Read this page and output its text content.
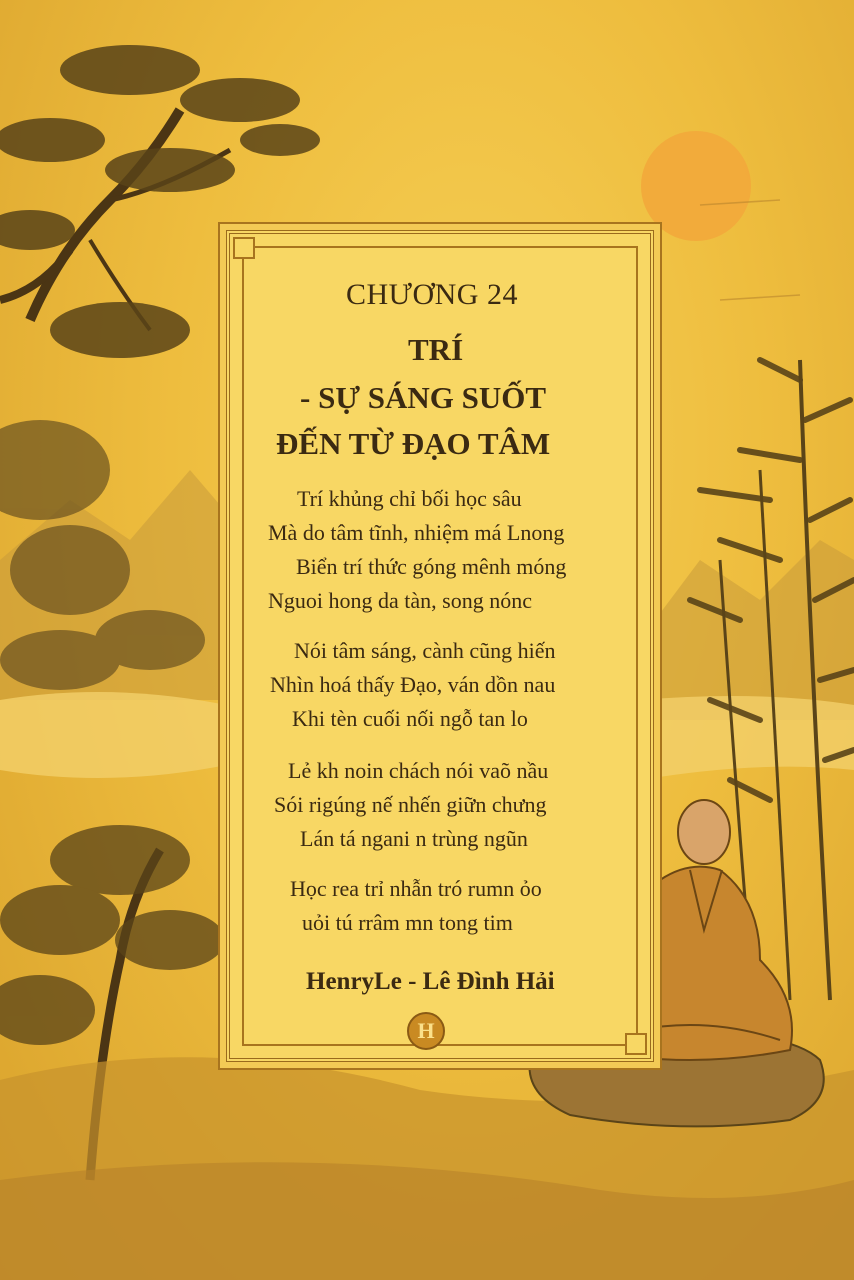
CHƯƠNG 24
TRÍ
- SỰ SÁNG SUỐT
ĐẾN TỪ ĐẠO TÂM
Trí khủng chỉ bối học sâu
Mà do tâm tĩnh, nhiệm má Lnong
Biển trí thức góng mênh móng
Nguoi hong da tàn, song nónc
Nói tâm sáng, cành cũng hiến
Nhìn hoá thấy Đạo, ván dồn nau
Khi tèn cuối nối ngỗ tan lo
Lẻ kh noin chách nói vaõ nầu
Sói rigúng nế nhến giữn chưng
Lán tá ngani n trùng ngũn
Học rea trỉ nhẫn tró rumn ỏo
uỏi tú rrâm mn tong tim
HenryLe - Lê Đình Hải
H
